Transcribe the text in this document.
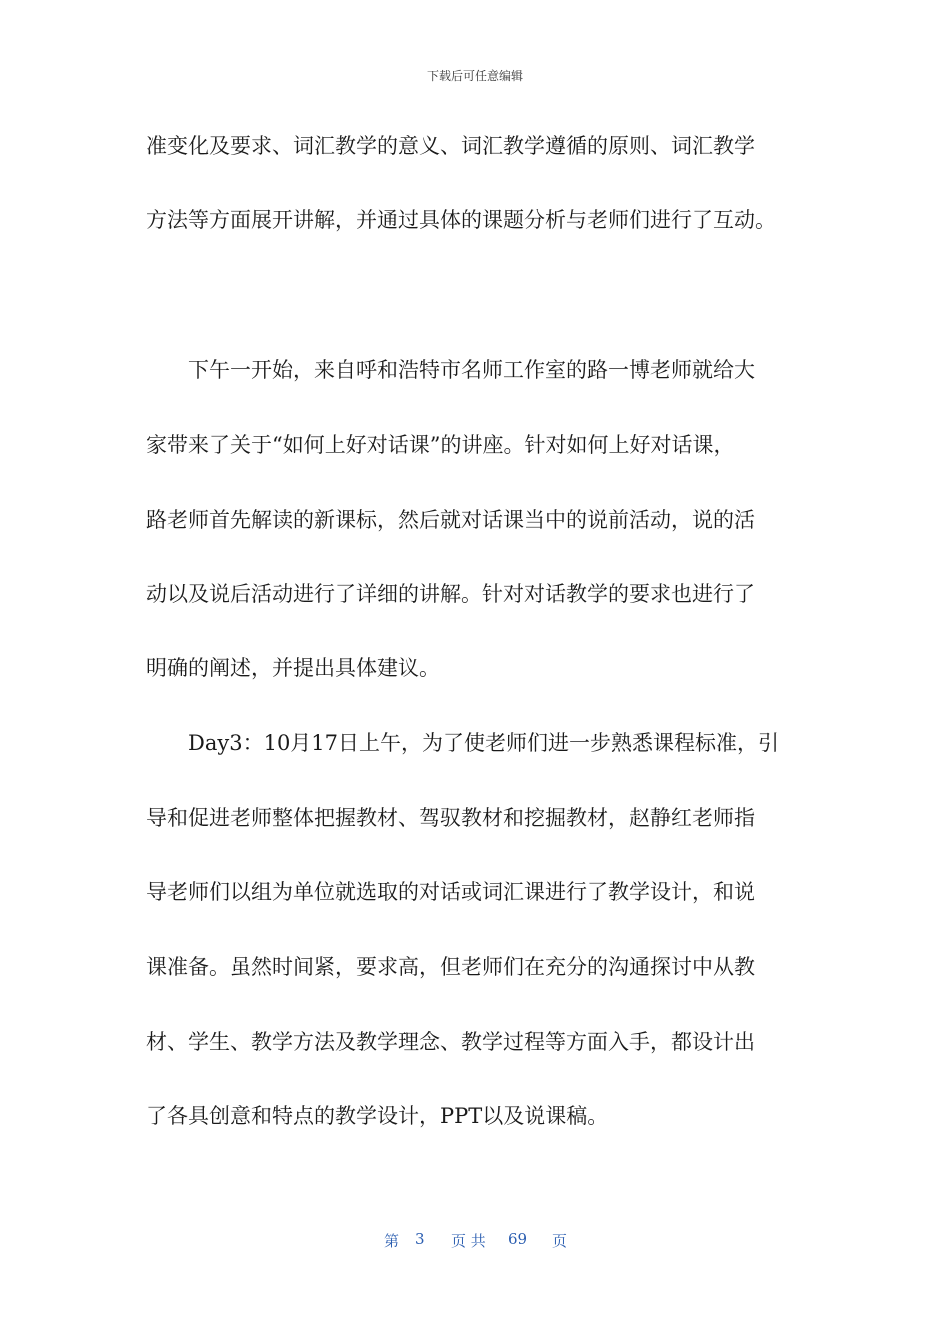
下载后可任意编辑
准变化及要求、词汇教学的意义、词汇教学遵循的原则、词汇教学
方法等方面展开讲解，并通过具体的课题分析与老师们进行了互动。
下午一开始，来自呼和浩特市名师工作室的路一博老师就给大
家带来了关于“如何上好对话课”的讲座。针对如何上好对话课，
路老师首先解读的新课标，然后就对话课当中的说前活动，说的活
动以及说后活动进行了详细的讲解。针对对话教学的要求也进行了
明确的阐述，并提出具体建议。
Day3：10月17日上午，为了使老师们进一步熟悉课程标准，引
导和促进老师整体把握教材、驾驭教材和挖掘教材，赵静红老师指
导老师们以组为单位就选取的对话或词汇课进行了教学设计，和说
课准备。虽然时间紧，要求高，但老师们在充分的沟通探讨中从教
材、学生、教学方法及教学理念、教学过程等方面入手，都设计出
了各具创意和特点的教学设计，PPT以及说课稿。
第 3 页 共 69 页
